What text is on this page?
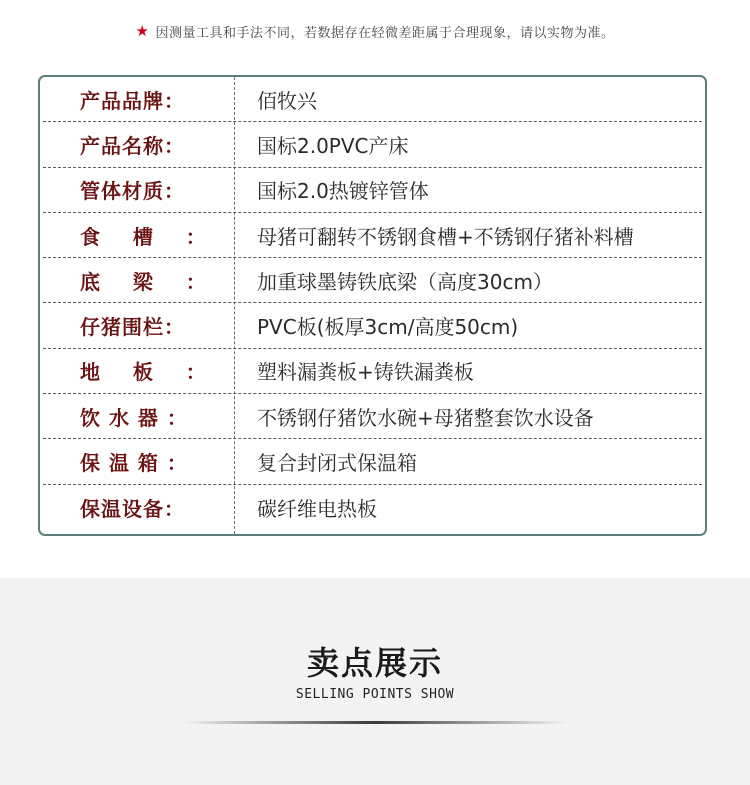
★ 因测量工具和手法不同，若数据存在轻微差距属于合理现象，请以实物为准。
产品品牌：	佰牧兴
产品名称：	国标2.0PVC产床
管体材质：	国标2.0热镀锌管体
食    槽    ：	母猪可翻转不锈钢食槽+不锈钢仔猪补料槽
底    梁    ：	加重球墨铸铁底梁（高度30cm）
仔猪围栏：	PVC板(板厚3cm/高度50cm)
地    板    ：	塑料漏粪板+铸铁漏粪板
饮 水 器 ：	不锈钢仔猪饮水碗+母猪整套饮水设备
保 温 箱 ：	复合封闭式保温箱
保温设备：	碳纤维电热板
卖点展示
SELLING POINTS SHOW
